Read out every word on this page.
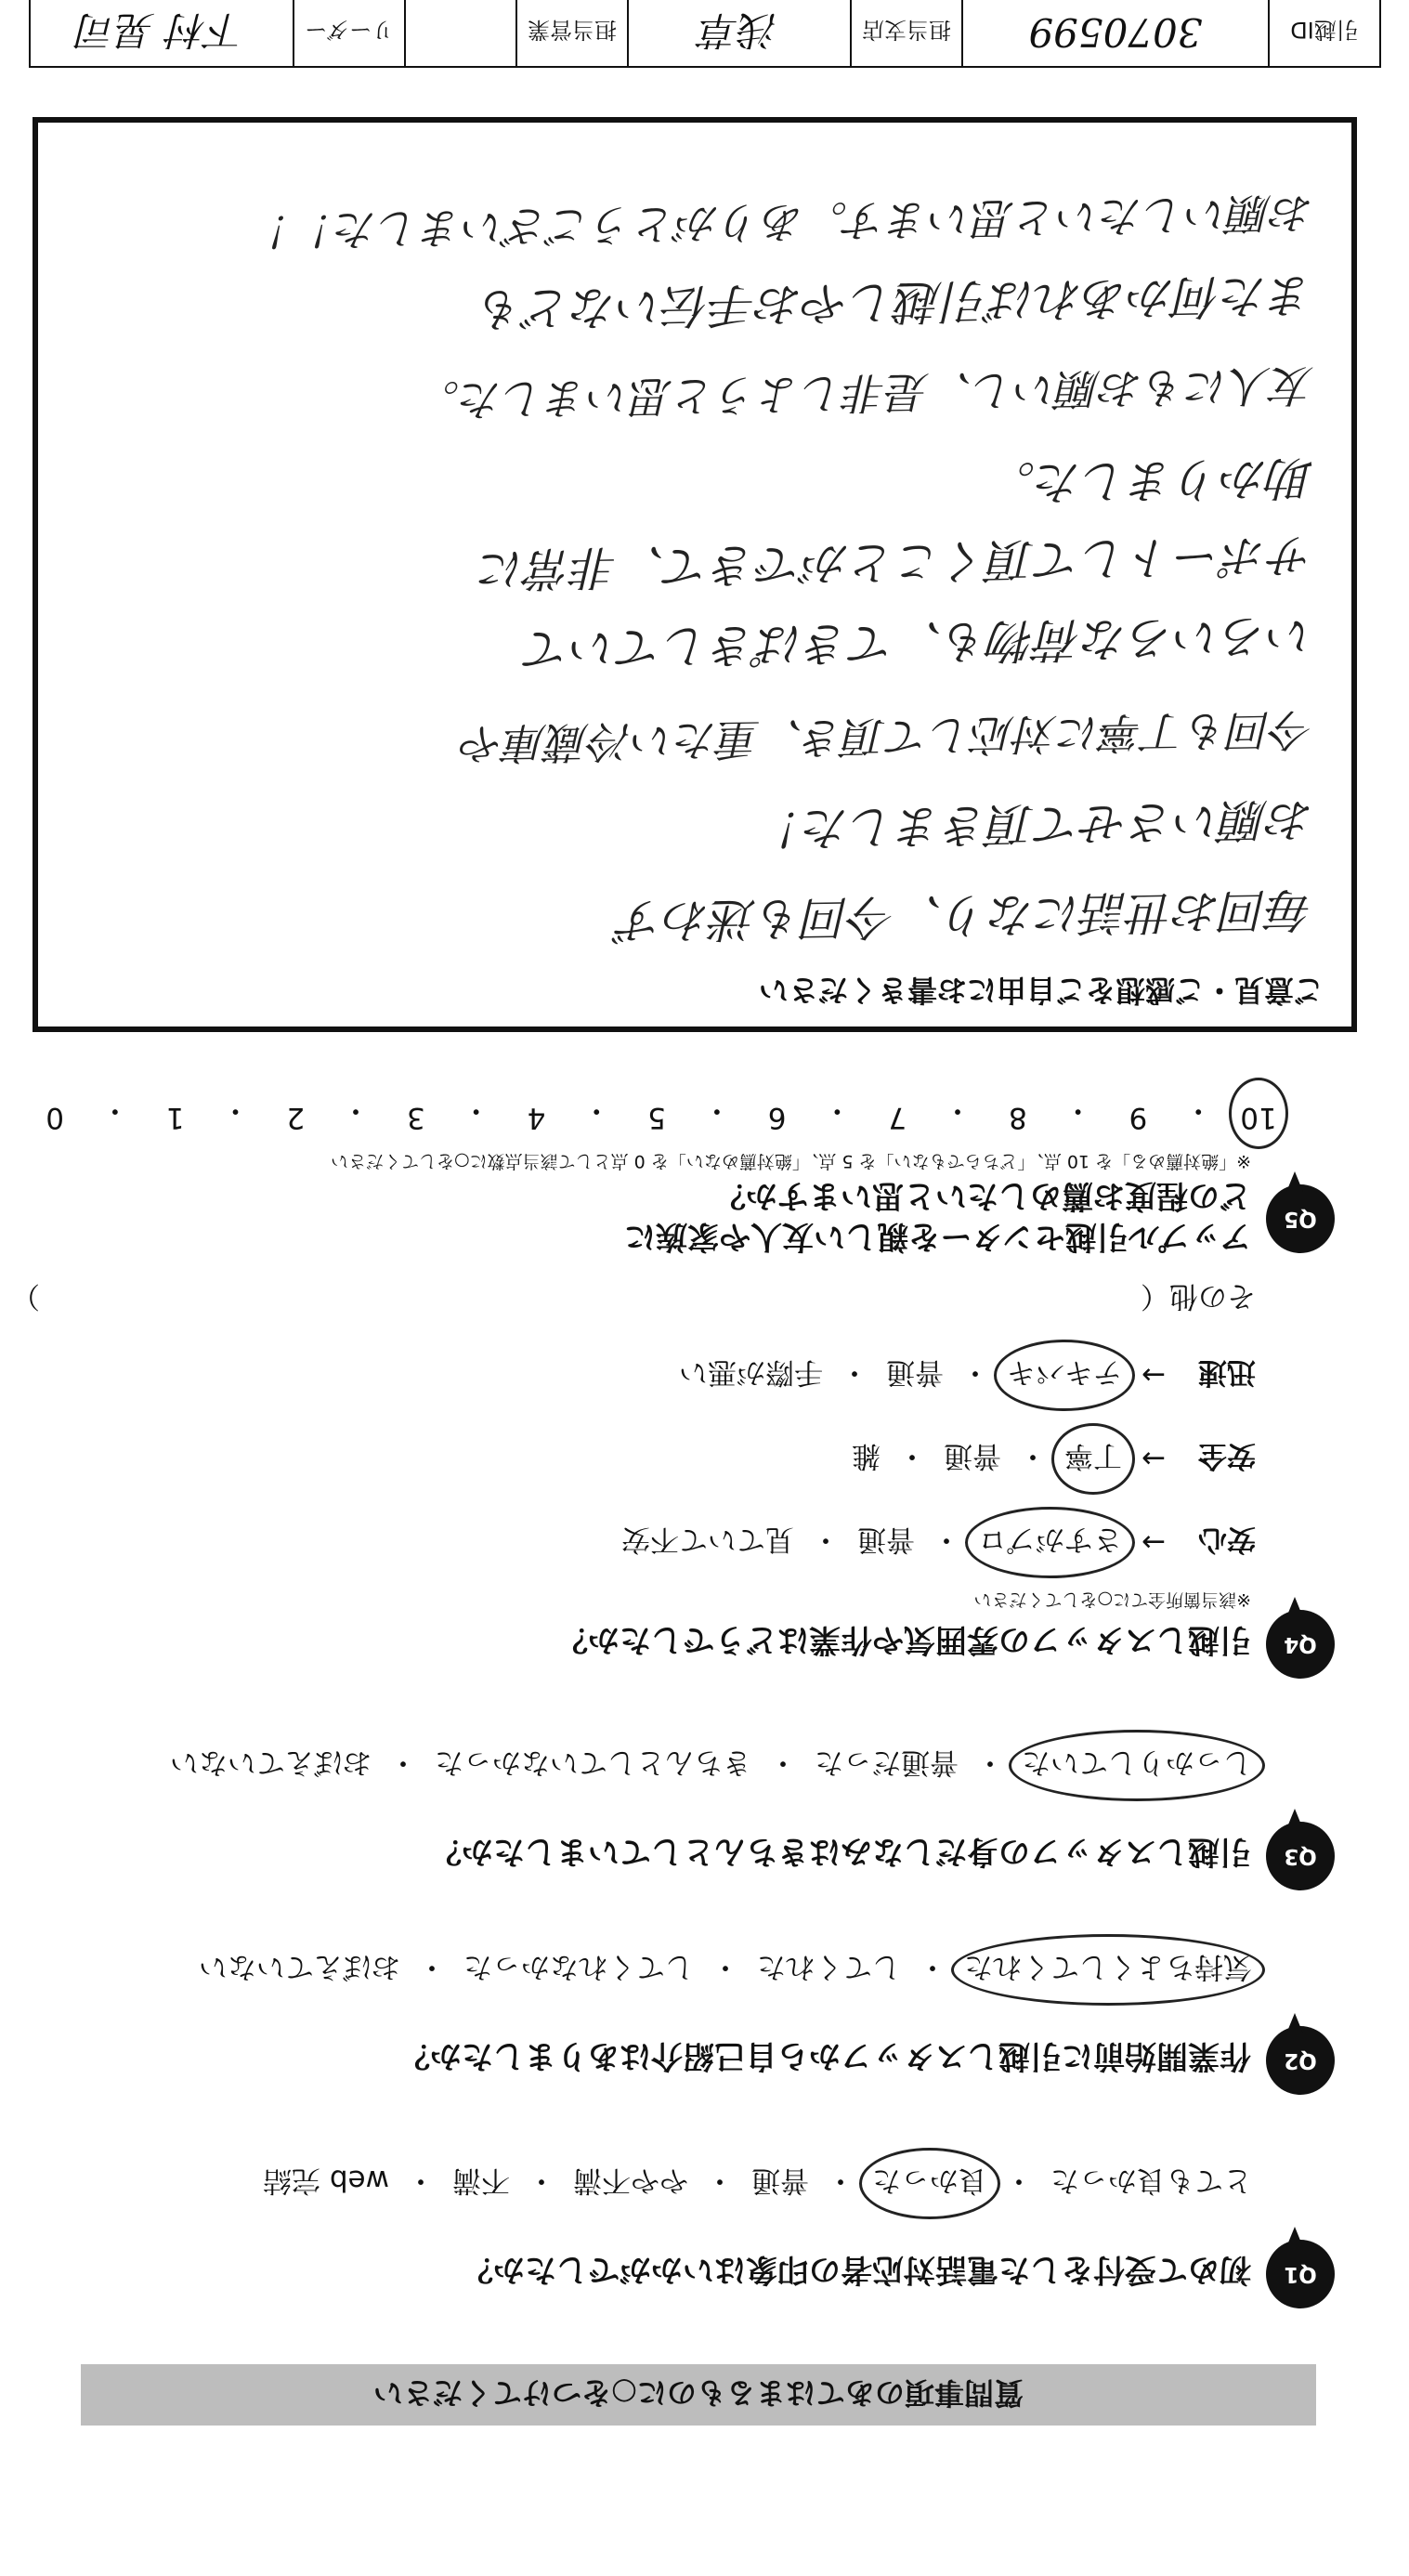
質問事項のあてはまるものに○をつけてください
Q1
初めて受付をした電話対応者の印象はいかがでしたか？
とても良かった
・
良かった
・
普通
・
やや不満
・
不満
・
web 完結
Q2
作業開始前に引越しスタッフから自己紹介はありましたか？
気持ちよくしてくれた
・
してくれた
・
してくれなかった
・
おぼえていない
Q3
引越しスタッフの身だしなみはきちんとしていましたか？
しっかりしていた
・
普通だった
・
きちんとしていなかった
・
おぼえていない
Q4
引越しスタッフの雰囲気や作業はどうでしたか？
※該当箇所全てに○をしてください
安心
→
さすがプロ
・
普通
・
見ていて不安
安全
→
丁寧
・
普通
・
雑
迅速
→
テキパキ
・
普通
・
手際が悪い
その他（
）
Q5
アップル引越センターを親しい友人や家族に
どの程度お薦めしたいと思いますか？
※「絶対薦める」を 10 点、「どちらでもない」を 5 点、「絶対薦めない」を 0 点として該当点数に○をしてください
10
・
9
・
8
・
7
・
6
・
5
・
4
・
3
・
2
・
1
・
0
ご意見・ご感想をご自由にお書きください
毎回お世話になり、今回も迷わず
お願いさせて頂きました！
今回も丁寧に対応して頂き、重たい冷蔵庫や
いろいろな荷物も、てきぱきしていて
サポートして頂くことができて、非常に
助かりました。
友人にもお願いし、是非しようと思いました。
また何かあれば引越しやお手伝いなども
お願いしたいと思います。ありがとうございました！！
引越ID
3070599
担当支店
浅草
担当営業
リーダー
下村 晃司
